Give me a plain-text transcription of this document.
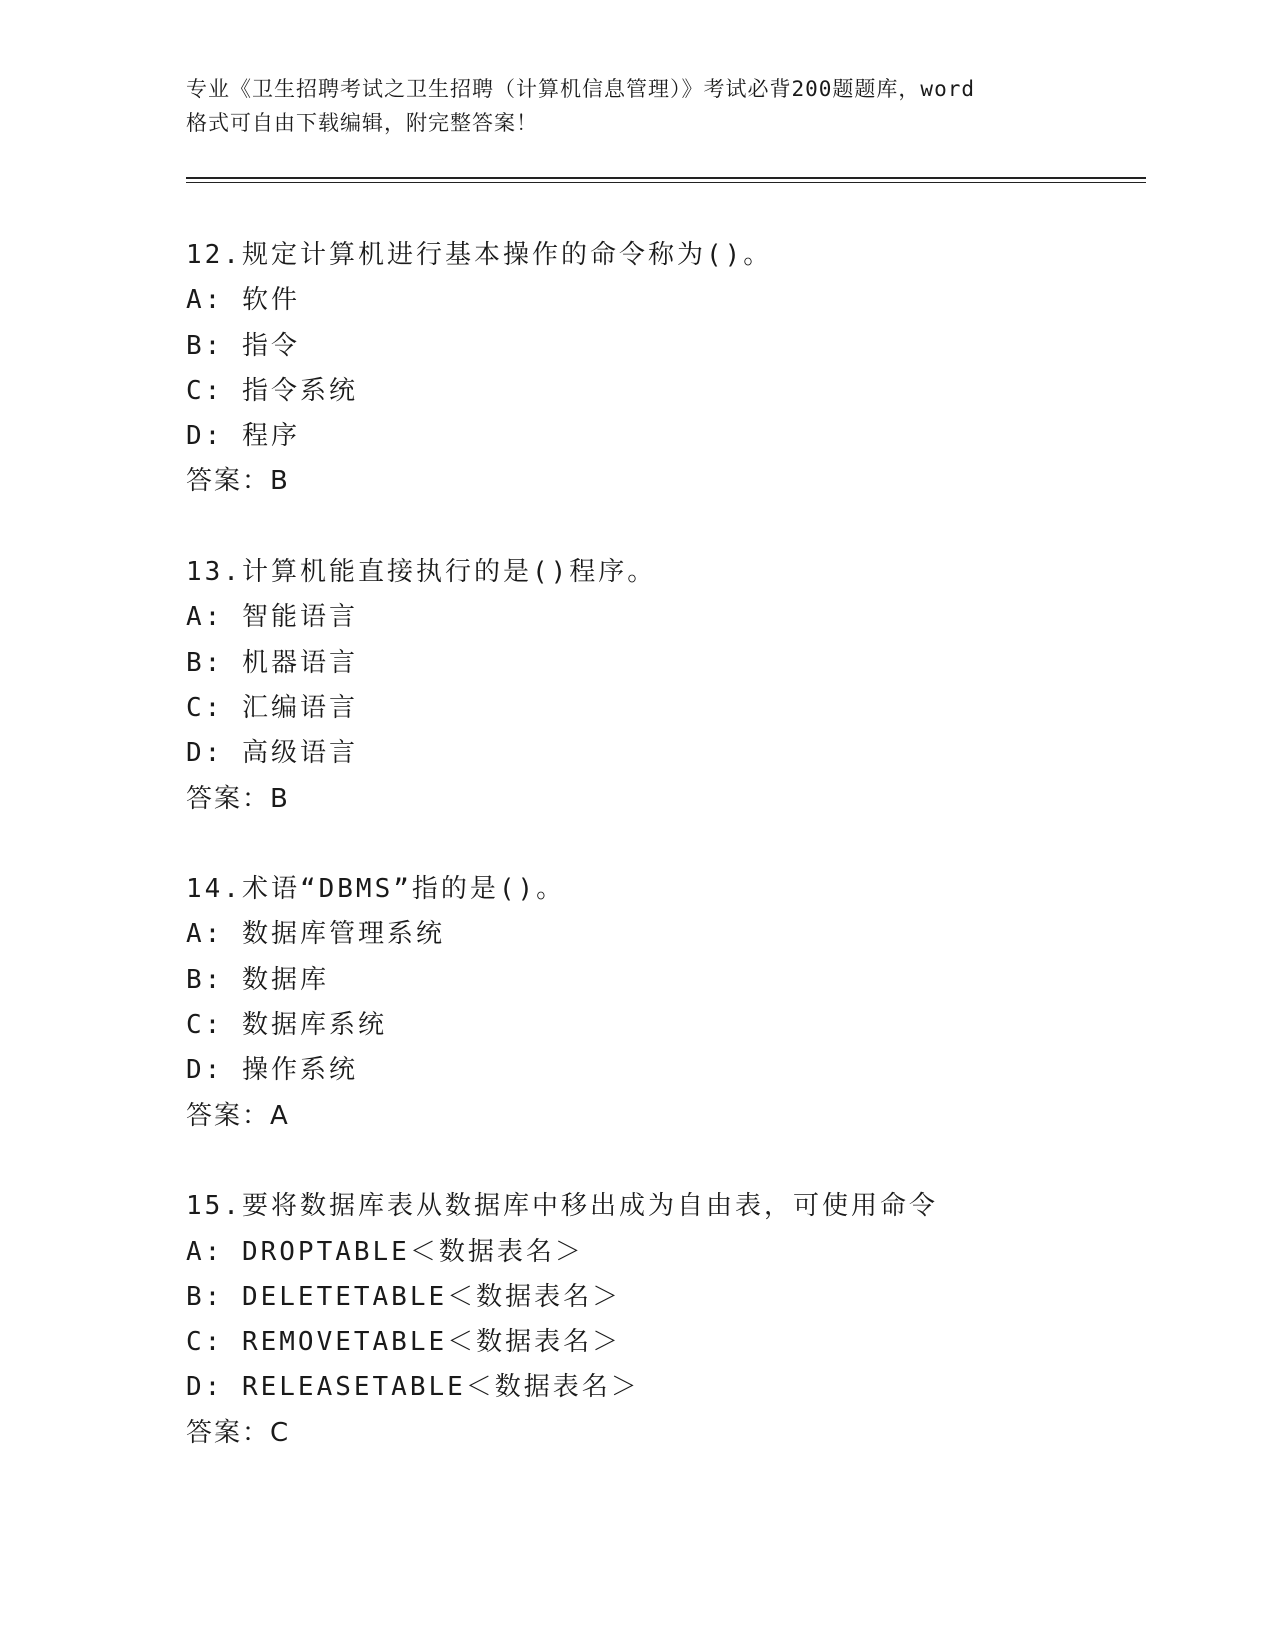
专业《卫生招聘考试之卫生招聘（计算机信息管理）》考试必背200题题库，word
格式可自由下载编辑，附完整答案！
12.规定计算机进行基本操作的命令称为()。
A: 软件
B: 指令
C: 指令系统
D: 程序
答案：B
13.计算机能直接执行的是()程序。
A: 智能语言
B: 机器语言
C: 汇编语言
D: 高级语言
答案：B
14.术语“DBMS”指的是()。
A: 数据库管理系统
B: 数据库
C: 数据库系统
D: 操作系统
答案：A
15.要将数据库表从数据库中移出成为自由表，可使用命令
A: DROPTABLE＜数据表名＞
B: DELETETABLE＜数据表名＞
C: REMOVETABLE＜数据表名＞
D: RELEASETABLE＜数据表名＞
答案：C
